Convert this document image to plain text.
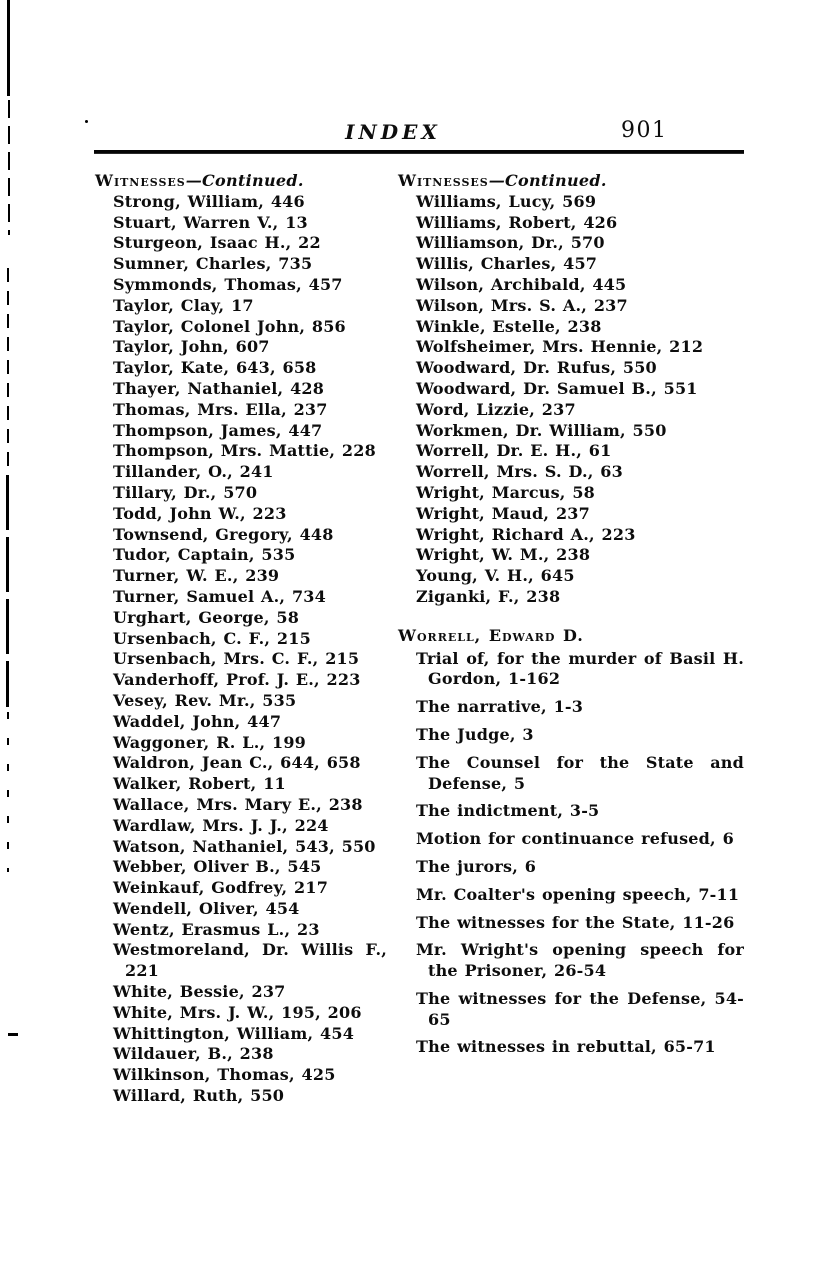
INDEX	901
Witnesses—Continued.
Strong, William, 446
Stuart, Warren V., 13
Sturgeon, Isaac H., 22
Sumner, Charles, 735
Symmonds, Thomas, 457
Taylor, Clay, 17
Taylor, Colonel John, 856
Taylor, John, 607
Taylor, Kate, 643, 658
Thayer, Nathaniel, 428
Thomas, Mrs. Ella, 237
Thompson, James, 447
Thompson, Mrs. Mattie, 228
Tillander, O., 241
Tillary, Dr., 570
Todd, John W., 223
Townsend, Gregory, 448
Tudor, Captain, 535
Turner, W. E., 239
Turner, Samuel A., 734
Urghart, George, 58
Ursenbach, C. F., 215
Ursenbach, Mrs. C. F., 215
Vanderhoff, Prof. J. E., 223
Vesey, Rev. Mr., 535
Waddel, John, 447
Waggoner, R. L., 199
Waldron, Jean C., 644, 658
Walker, Robert, 11
Wallace, Mrs. Mary E., 238
Wardlaw, Mrs. J. J., 224
Watson, Nathaniel, 543, 550
Webber, Oliver B., 545
Weinkauf, Godfrey, 217
Wendell, Oliver, 454
Wentz, Erasmus L., 23
Westmoreland, Dr. Willis F., 221
White, Bessie, 237
White, Mrs. J. W., 195, 206
Whittington, William, 454
Wildauer, B., 238
Wilkinson, Thomas, 425
Willard, Ruth, 550
Witnesses—Continued.
Williams, Lucy, 569
Williams, Robert, 426
Williamson, Dr., 570
Willis, Charles, 457
Wilson, Archibald, 445
Wilson, Mrs. S. A., 237
Winkle, Estelle, 238
Wolfsheimer, Mrs. Hennie, 212
Woodward, Dr. Rufus, 550
Woodward, Dr. Samuel B., 551
Word, Lizzie, 237
Workmen, Dr. William, 550
Worrell, Dr. E. H., 61
Worrell, Mrs. S. D., 63
Wright, Marcus, 58
Wright, Maud, 237
Wright, Richard A., 223
Wright, W. M., 238
Young, V. H., 645
Ziganki, F., 238
Worrell, Edward D.
Trial of, for the murder of Basil H. Gordon, 1-162
The narrative, 1-3
The Judge, 3
The Counsel for the State and Defense, 5
The indictment, 3-5
Motion for continuance refused, 6
The jurors, 6
Mr. Coalter's opening speech, 7-11
The witnesses for the State, 11-26
Mr. Wright's opening speech for the Prisoner, 26-54
The witnesses for the Defense, 54-65
The witnesses in rebuttal, 65-71
